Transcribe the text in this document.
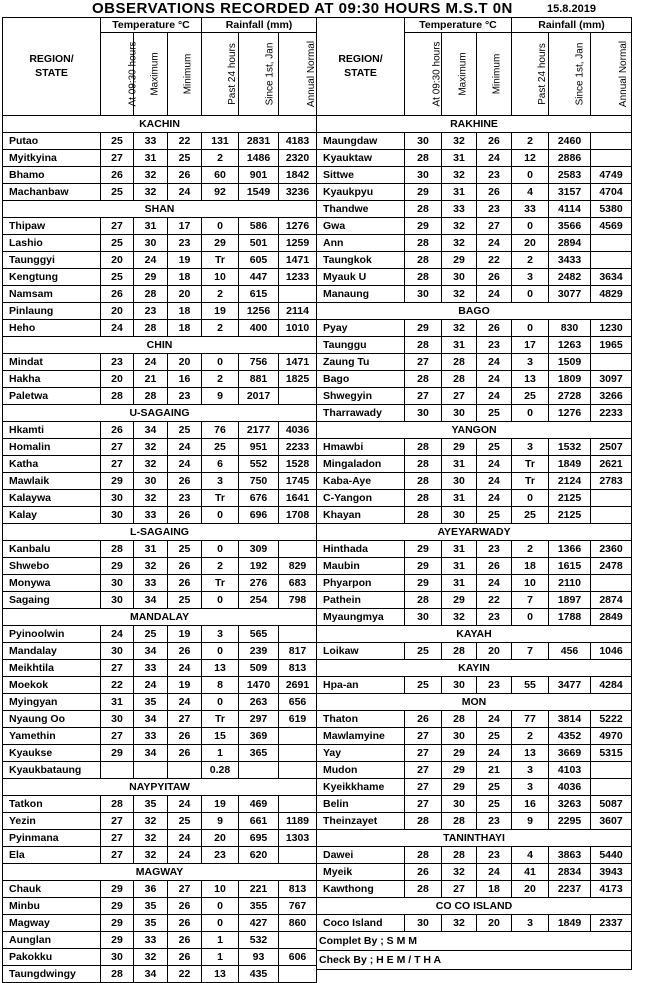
OBSERVATIONS RECORDED AT 09:30 HOURS M.S.T 0N	15.8.2019
REGION/ STATE	Temperature °C			Rainfall (mm)		
	At 09:30 hours	Maximum	Minimum	Past 24 hours	Since 1st, Jan	Annual Normal
KACHIN						
Putao	25	33	22	131	2831	4183
Myitkyina	27	31	25	2	1486	2320
Bhamo	26	32	26	60	901	1842
Machanbaw	25	32	24	92	1549	3236
SHAN						
Thipaw	27	31	17	0	586	1276
Lashio	25	30	23	29	501	1259
Taunggyi	20	24	19	Tr	605	1471
Kengtung	25	29	18	10	447	1233
Namsam	26	28	20	2	615	
Pinlaung	20	23	18	19	1256	2114
Heho	24	28	18	2	400	1010
CHIN						
Mindat	23	24	20	0	756	1471
Hakha	20	21	16	2	881	1825
Paletwa	28	28	23	9	2017	
U-SAGAING						
Hkamti	26	34	25	76	2177	4036
Homalin	27	32	24	25	951	2233
Katha	27	32	24	6	552	1528
Mawlaik	29	30	26	3	750	1745
Kalaywa	30	32	23	Tr	676	1641
Kalay	30	33	26	0	696	1708
L-SAGAING						
Kanbalu	28	31	25	0	309	
Shwebo	29	32	26	2	192	829
Monywa	30	33	26	Tr	276	683
Sagaing	30	34	25	0	254	798
MANDALAY						
Pyinoolwin	24	25	19	3	565	
Mandalay	30	34	26	0	239	817
Meikhtila	27	33	24	13	509	813
Moekok	22	24	19	8	1470	2691
Myingyan	31	35	24	0	263	656
Nyaung Oo	30	34	27	Tr	297	619
Yamethin	27	33	26	15	369	
Kyaukse	29	34	26	1	365	
Kyaukbataung				0.28		
NAYPYITAW						
Tatkon	28	35	24	19	469	
Yezin	27	32	25	9	661	1189
Pyinmana	27	32	24	20	695	1303
Ela	27	32	24	23	620	
MAGWAY						
Chauk	29	36	27	10	221	813
Minbu	29	35	26	0	355	767
Magway	29	35	26	0	427	860
Aunglan	29	33	26	1	532	
Pakokku	30	32	26	1	93	606
Taungdwingy	28	34	22	13	435	
REGION/ STATE	Temperature °C			Rainfall (mm)		
	At 09:30 hours	Maximum	Minimum	Past 24 hours	Since 1st, Jan	Annual Normal
RAKHINE						
Maungdaw	30	32	26	2	2460	
Kyauktaw	28	31	24	12	2886	
Sittwe	30	32	23	0	2583	4749
Kyaukpyu	29	31	26	4	3157	4704
Thandwe	28	33	23	33	4114	5380
Gwa	29	32	27	0	3566	4569
Ann	28	32	24	20	2894	
Taungkok	28	29	22	2	3433	
Myauk U	28	30	26	3	2482	3634
Manaung	30	32	24	0	3077	4829
BAGO						
Pyay	29	32	26	0	830	1230
Taunggu	28	31	23	17	1263	1965
Zaung Tu	27	28	24	3	1509	
Bago	28	28	24	13	1809	3097
Shwegyin	27	27	24	25	2728	3266
Tharrawady	30	30	25	0	1276	2233
YANGON						
Hmawbi	28	29	25	3	1532	2507
Mingaladon	28	31	24	Tr	1849	2621
Kaba-Aye	28	30	24	Tr	2124	2783
C-Yangon	28	31	24	0	2125	
Khayan	28	30	25	25	2125	
AYEYARWADY						
Hinthada	29	31	23	2	1366	2360
Maubin	29	31	26	18	1615	2478
Phyarpon	29	31	24	10	2110	
Pathein	28	29	22	7	1897	2874
Myaungmya	30	32	23	0	1788	2849
KAYAH						
Loikaw	25	28	20	7	456	1046
KAYIN						
Hpa-an	25	30	23	55	3477	4284
MON						
Thaton	26	28	24	77	3814	5222
Mawlamyine	27	30	25	2	4352	4970
Yay	27	29	24	13	3669	5315
Mudon	27	29	21	3	4103	
Kyeikkhame	27	29	25	3	4036	
Belin	27	30	25	16	3263	5087
Theinzayet	28	28	23	9	2295	3607
TANINTHAYI						
Dawei	28	28	23	4	3863	5440
Myeik	26	32	24	41	2834	3943
Kawthong	28	27	18	20	2237	4173
CO CO ISLAND						
Coco Island	30	32	20	3	1849	2337
Complet By ; S M M						
Check By ; H E M / T H A						
